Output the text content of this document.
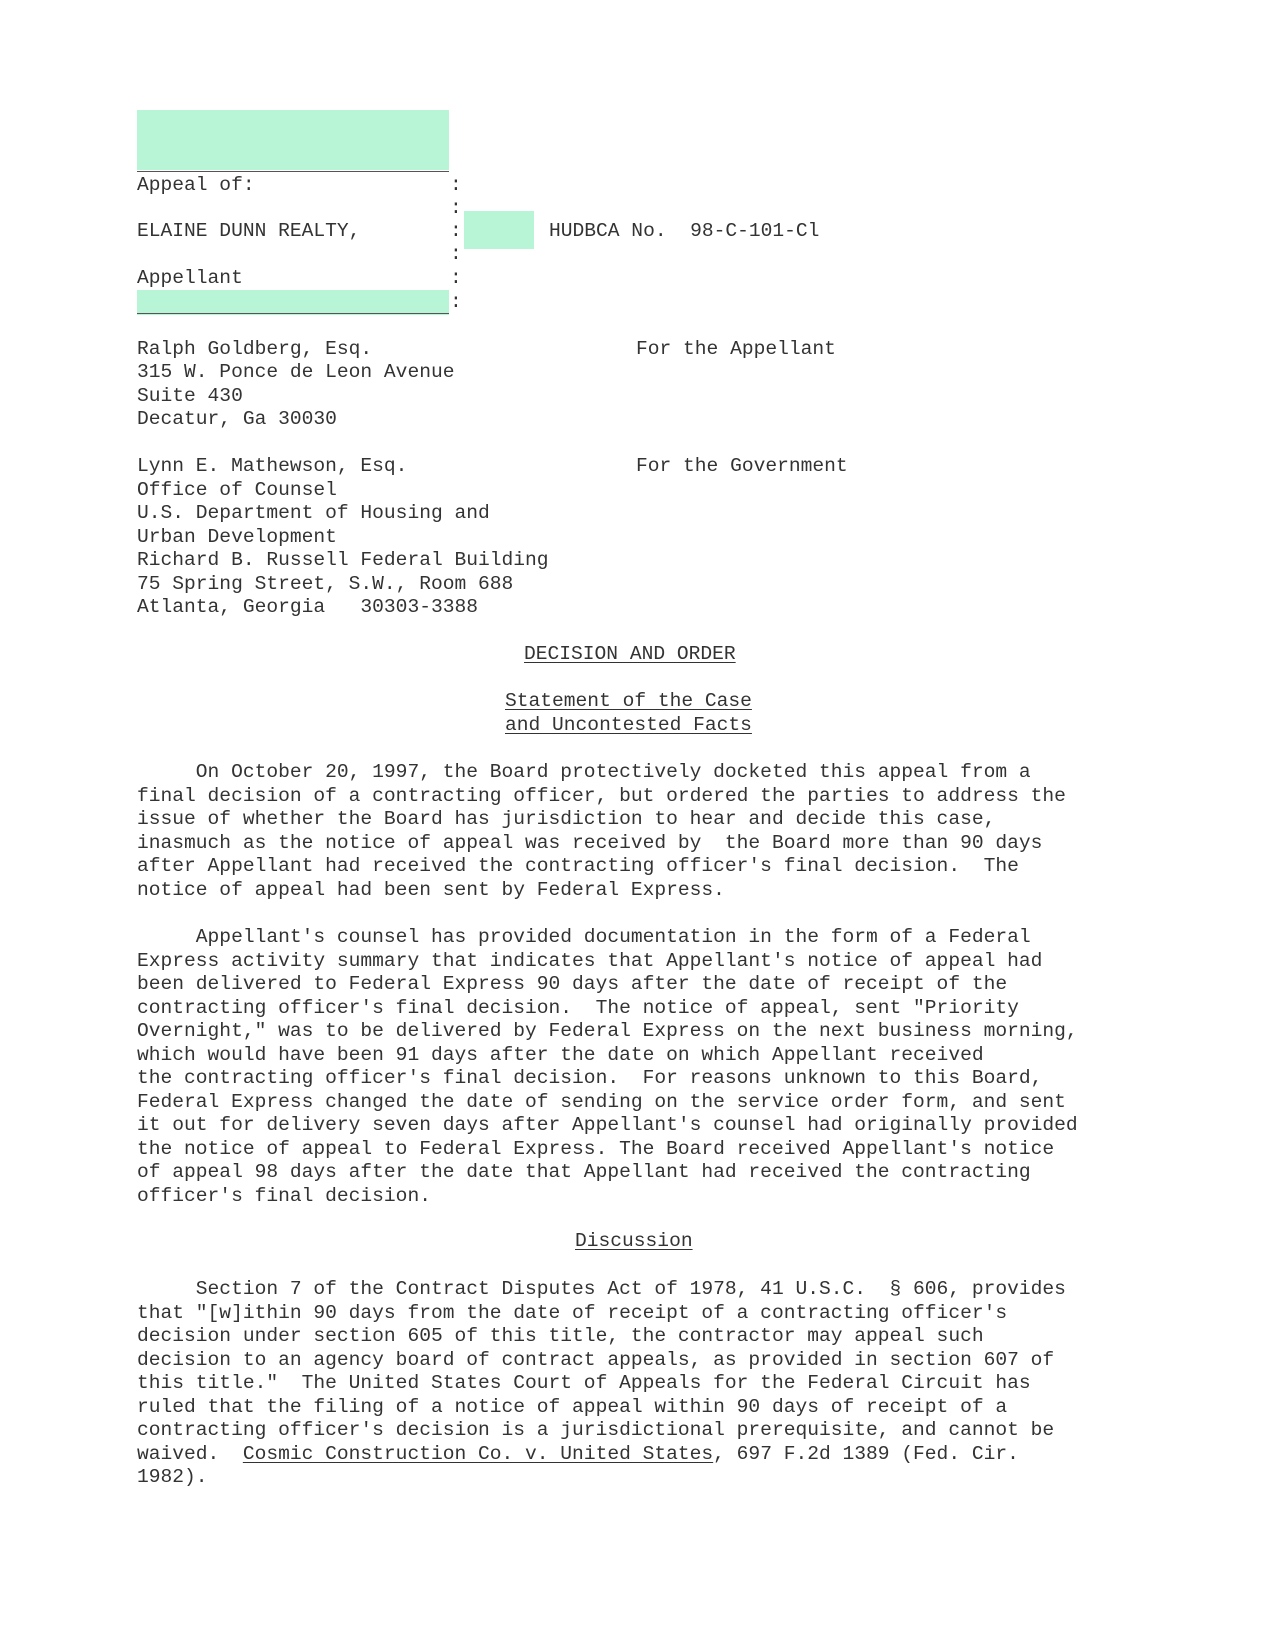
Appeal of:	:
:
ELAINE DUNN REALTY,	:	HUDBCA No.  98-C-101-Cl
:
Appellant	:
:
Ralph Goldberg, Esq.	For the Appellant
315 W. Ponce de Leon Avenue
Suite 430
Decatur, Ga 30030
Lynn E. Mathewson, Esq.	For the Government
Office of Counsel
U.S. Department of Housing and
Urban Development
Richard B. Russell Federal Building
75 Spring Street, S.W., Room 688
Atlanta, Georgia   30303-3388
DECISION AND ORDER
Statement of the Case
and Uncontested Facts
On October 20, 1997, the Board protectively docketed this appeal from a
final decision of a contracting officer, but ordered the parties to address the
issue of whether the Board has jurisdiction to hear and decide this case,
inasmuch as the notice of appeal was received by  the Board more than 90 days
after Appellant had received the contracting officer's final decision.  The
notice of appeal had been sent by Federal Express.
Appellant's counsel has provided documentation in the form of a Federal
Express activity summary that indicates that Appellant's notice of appeal had
been delivered to Federal Express 90 days after the date of receipt of the
contracting officer's final decision.  The notice of appeal, sent "Priority
Overnight," was to be delivered by Federal Express on the next business morning,
which would have been 91 days after the date on which Appellant received
the contracting officer's final decision.  For reasons unknown to this Board,
Federal Express changed the date of sending on the service order form, and sent
it out for delivery seven days after Appellant's counsel had originally provided
the notice of appeal to Federal Express. The Board received Appellant's notice
of appeal 98 days after the date that Appellant had received the contracting
officer's final decision.
Discussion
Section 7 of the Contract Disputes Act of 1978, 41 U.S.C.  § 606, provides
that "[w]ithin 90 days from the date of receipt of a contracting officer's
decision under section 605 of this title, the contractor may appeal such
decision to an agency board of contract appeals, as provided in section 607 of
this title."  The United States Court of Appeals for the Federal Circuit has
ruled that the filing of a notice of appeal within 90 days of receipt of a
contracting officer's decision is a jurisdictional prerequisite, and cannot be
waived.  Cosmic Construction Co. v. United States, 697 F.2d 1389 (Fed. Cir.
1982).
